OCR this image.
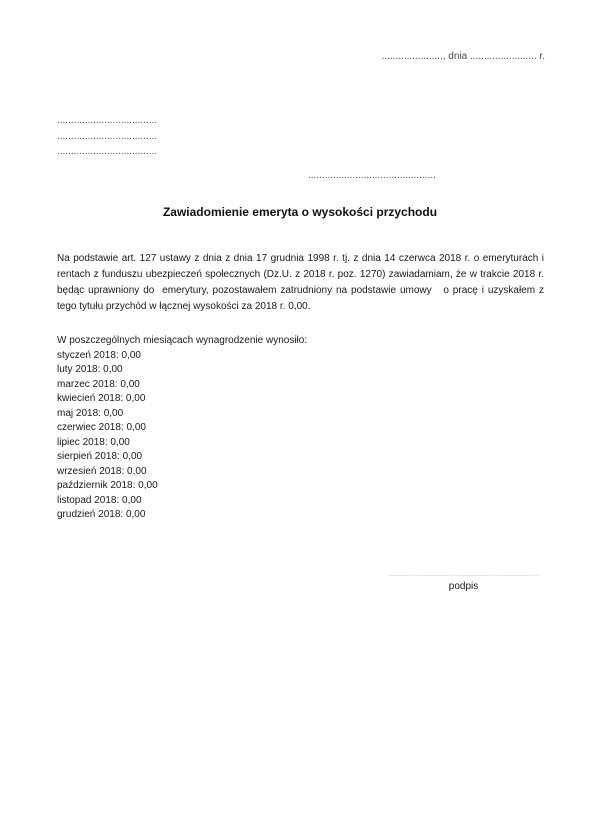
......................, dnia ........................ r.
....................................
....................................
....................................
..............................................
Zawiadomienie emeryta o wysokości przychodu
Na podstawie art. 127 ustawy z dnia z dnia 17 grudnia 1998 r. tj. z dnia 14 czerwca 2018 r. o emeryturach i
rentach z funduszu ubezpieczeń społecznych (Dz.U. z 2018 r. poz. 1270) zawiadamiam, że w trakcie 2018 r.
będąc uprawniony do  emerytury, pozostawałem zatrudniony na podstawie umowy   o pracę i uzyskałem z
tego tytułu przychód w łącznej wysokości za 2018 r. 0,00.
W poszczególnych miesiącach wynagrodzenie wynosiło:
styczeń 2018: 0,00
luty 2018: 0,00
marzec 2018: 0,00
kwiecień 2018: 0,00
maj 2018: 0,00
czerwiec 2018: 0,00
lipiec 2018: 0,00
sierpień 2018: 0,00
wrzesień 2018: 0,00
październik 2018: 0,00
listopad 2018: 0,00
grudzień 2018: 0,00
..........................................................................................
podpis
